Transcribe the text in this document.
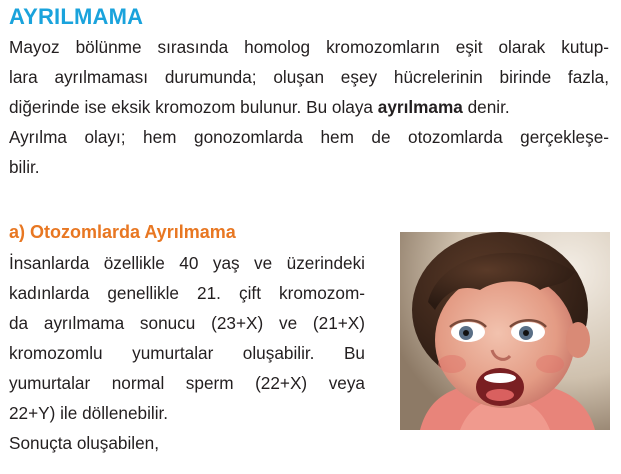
AYRILMAMA
Mayoz bölünme sırasında homolog kromozomların eşit olarak kutup-
lara ayrılmaması durumunda; oluşan eşey hücrelerinin birinde fazla,
diğerinde ise eksik kromozom bulunur. Bu olaya ayrılmama denir.
Ayrılma olayı; hem gonozomlarda hem de otozomlarda gerçekleşe-
bilir.
a) Otozomlarda Ayrılmama
İnsanlarda özellikle 40 yaş ve üzerindeki
kadınlarda genellikle 21. çift kromozom-
da ayrılmama sonucu (23+X) ve (21+X)
kromozomlu yumurtalar oluşabilir. Bu
yumurtalar normal sperm (22+X) veya
22+Y) ile döllenebilir.
Sonuçta oluşabilen,
